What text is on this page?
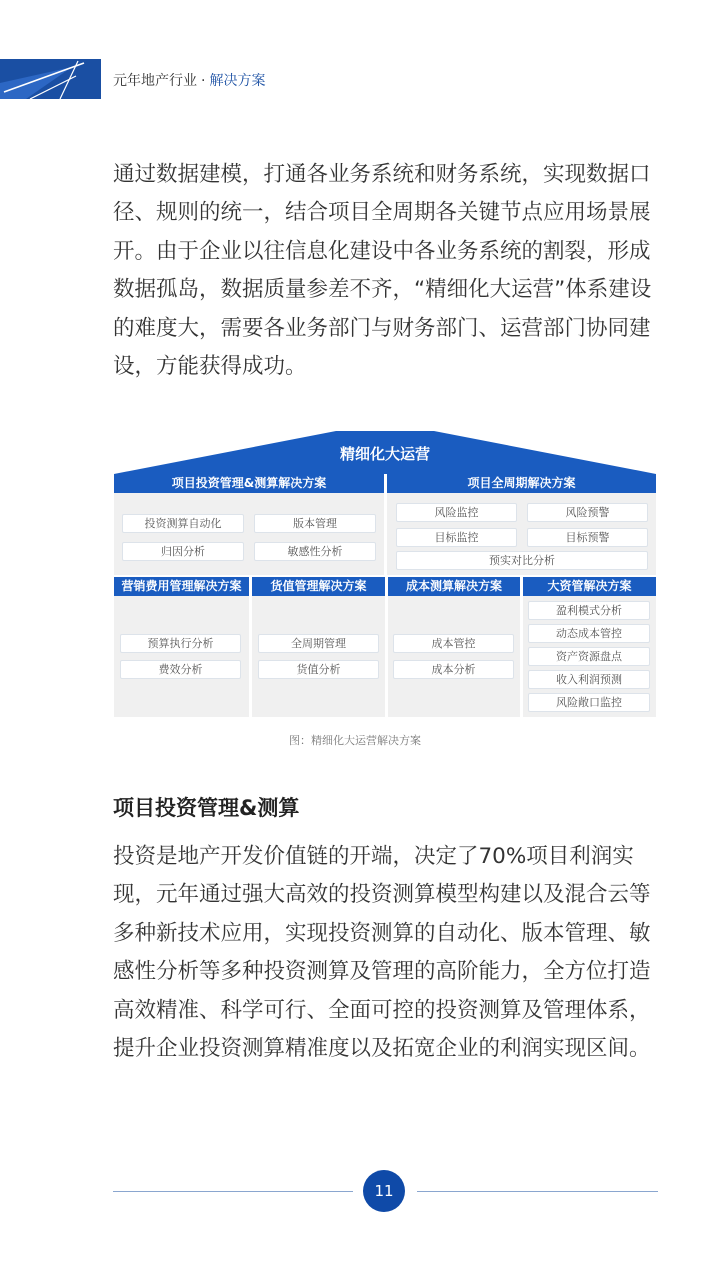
元年地产行业 · 解决方案

通过数据建模，打通各业务系统和财务系统，实现数据口径、规则的统一，结合项目全周期各关键节点应用场景展开。由于企业以往信息化建设中各业务系统的割裂，形成数据孤岛，数据质量参差不齐，“精细化大运营”体系建设的难度大，需要各业务部门与财务部门、运营部门协同建设，方能获得成功。

精细化大运营
项目投资管理&测算解决方案
投资测算自动化	版本管理
归因分析	敏感性分析
项目全周期解决方案
风险监控	风险预警
目标监控	目标预警
预实对比分析
营销费用管理解决方案
预算执行分析
费效分析
货值管理解决方案
全周期管理
货值分析
成本测算解决方案
成本管控
成本分析
大资管解决方案
盈利模式分析
动态成本管控
资产资源盘点
收入利润预测
风险敞口监控
图：精细化大运营解决方案
项目投资管理&测算

投资是地产开发价值链的开端，决定了70%项目利润实现，元年通过强大高效的投资测算模型构建以及混合云等多种新技术应用，实现投资测算的自动化、版本管理、敏感性分析等多种投资测算及管理的高阶能力，全方位打造高效精准、科学可行、全面可控的投资测算及管理体系，提升企业投资测算精准度以及拓宽企业的利润实现区间。

11
